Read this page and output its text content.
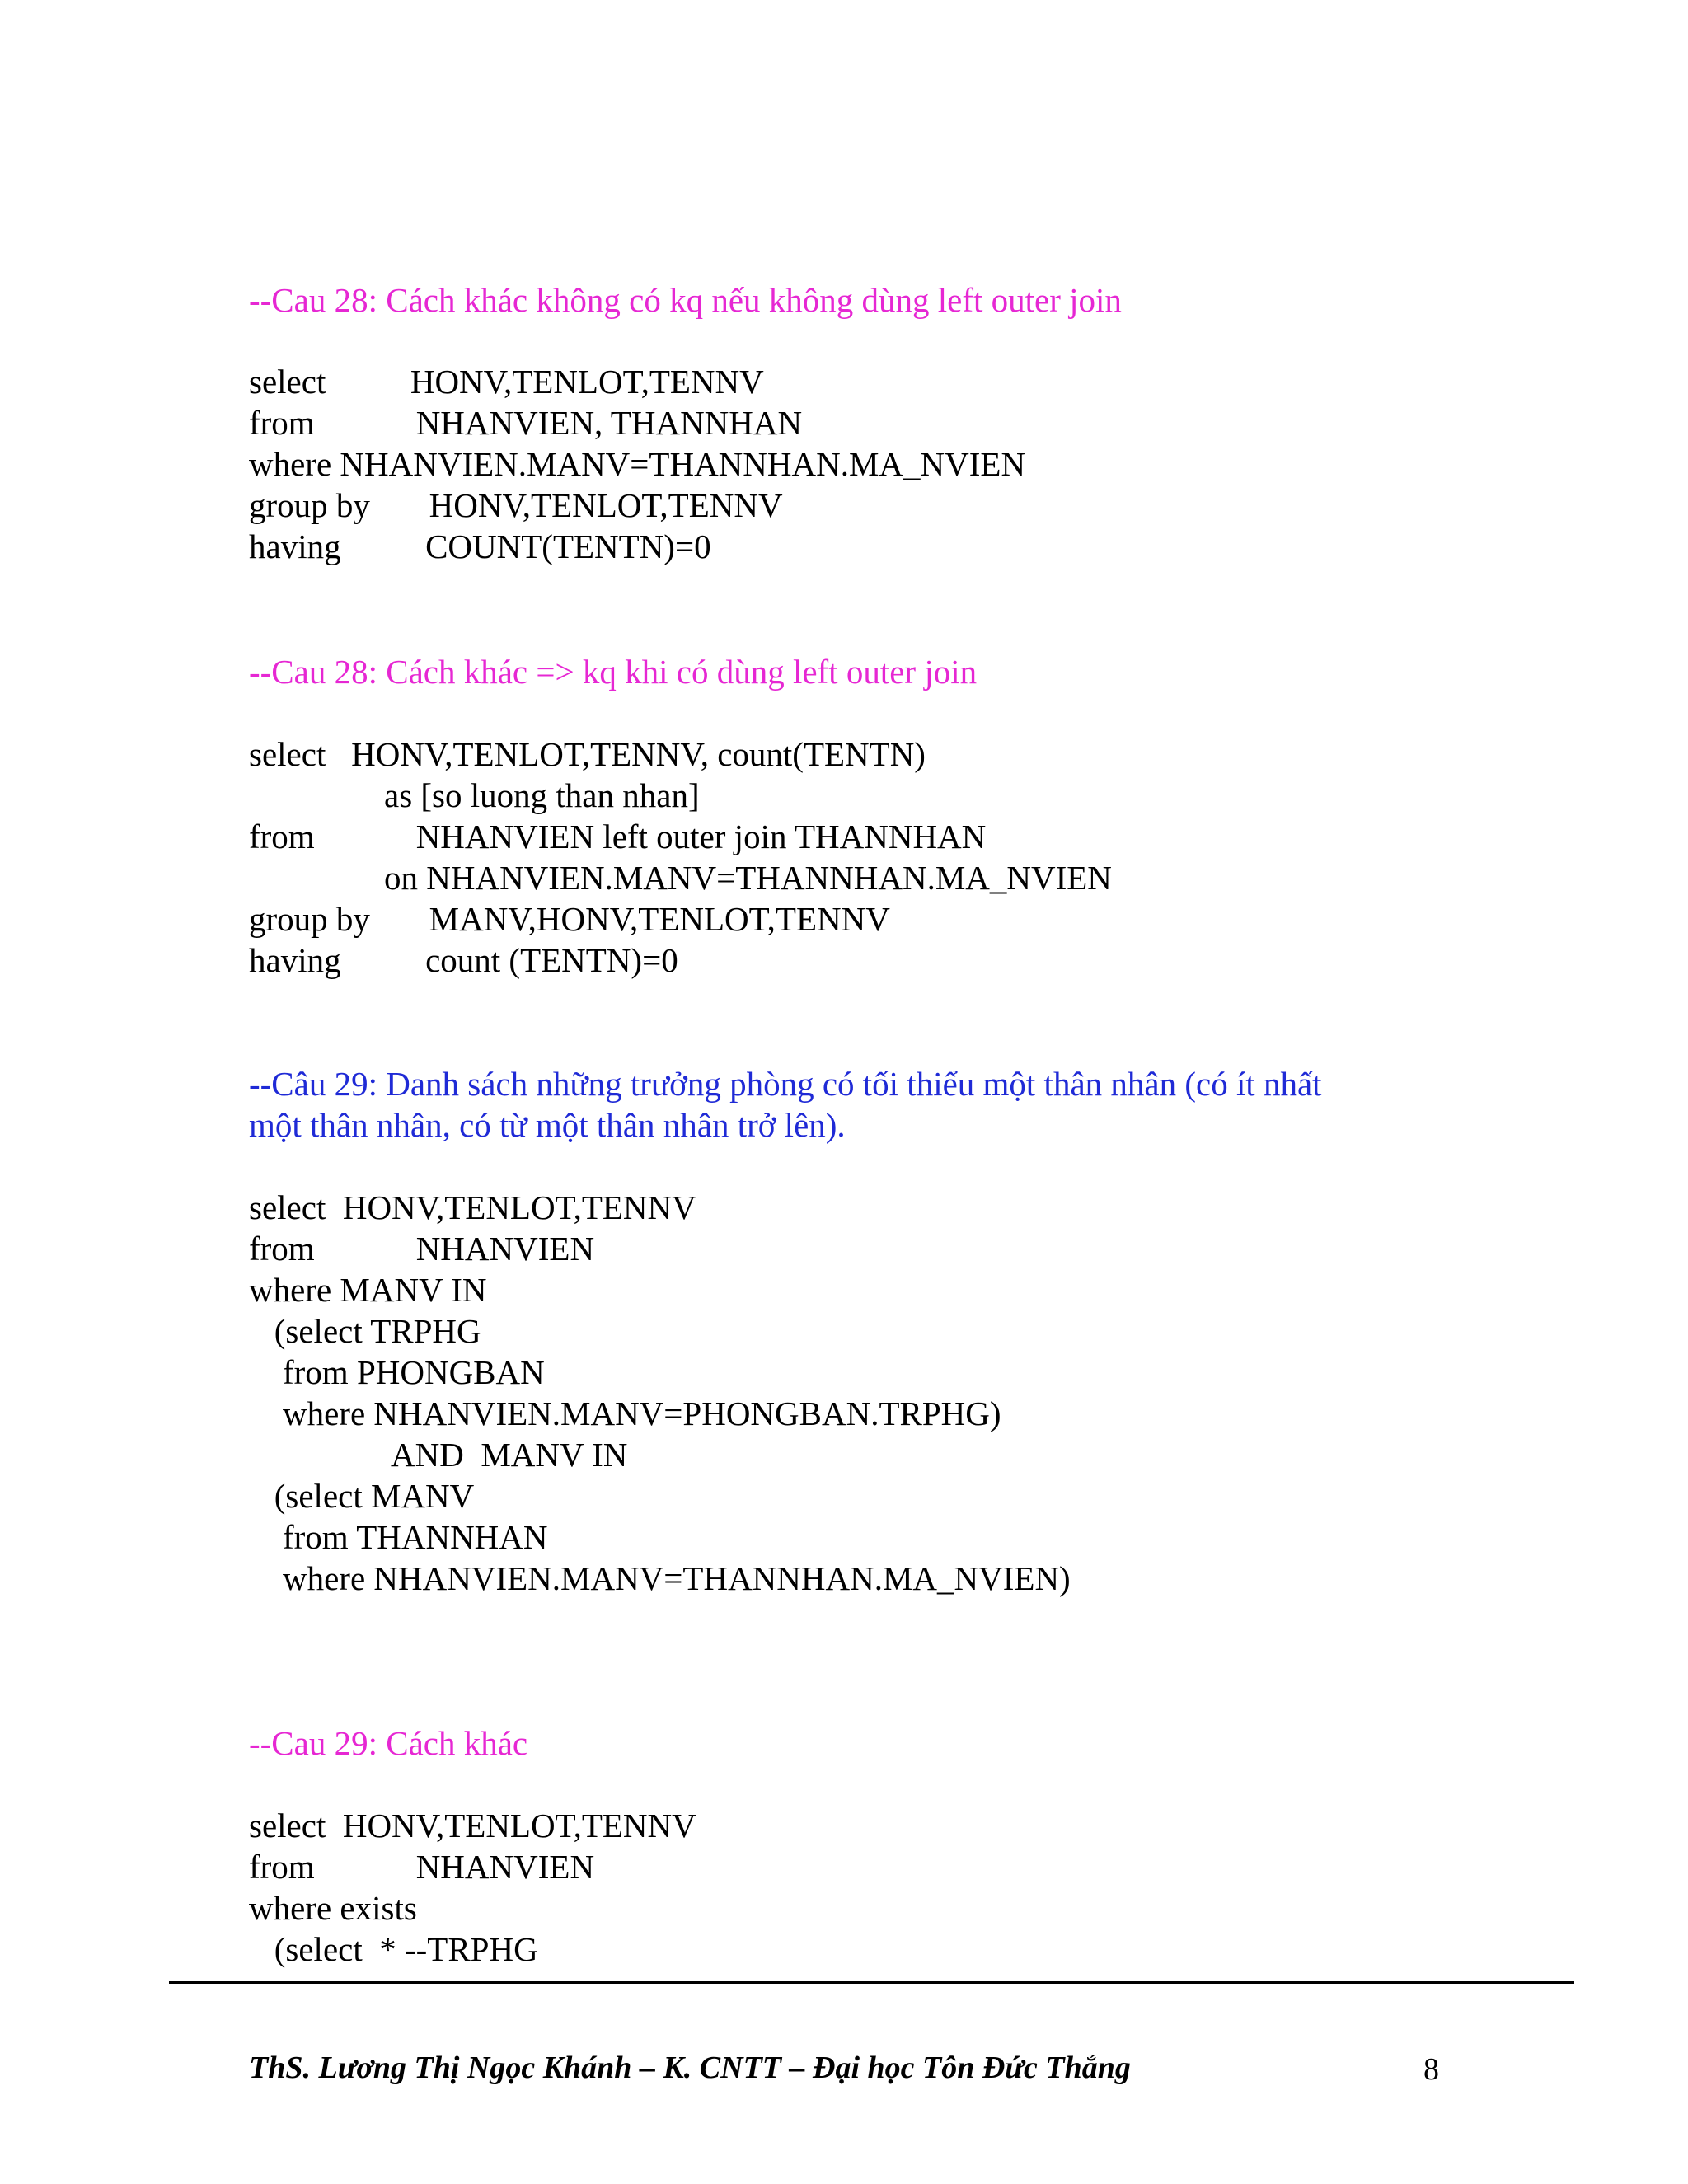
--Cau 28: Cách khác không có kq nếu không dùng left outer join
select          HONV,TENLOT,TENNV
from            NHANVIEN, THANNHAN
where NHANVIEN.MANV=THANNHAN.MA_NVIEN
group by       HONV,TENLOT,TENNV
having          COUNT(TENTN)=0
--Cau 28: Cách khác => kq khi có dùng left outer join
select   HONV,TENLOT,TENNV, count(TENTN)
as [so luong than nhan]
from            NHANVIEN left outer join THANNHAN
on NHANVIEN.MANV=THANNHAN.MA_NVIEN
group by       MANV,HONV,TENLOT,TENNV
having          count (TENTN)=0
--Câu 29: Danh sách những trưởng phòng có tối thiểu một thân nhân (có ít nhất
một thân nhân, có từ một thân nhân trở lên).
select  HONV,TENLOT,TENNV
from            NHANVIEN
where MANV IN
(select TRPHG
from PHONGBAN
where NHANVIEN.MANV=PHONGBAN.TRPHG)
AND  MANV IN
(select MANV
from THANNHAN
where NHANVIEN.MANV=THANNHAN.MA_NVIEN)
--Cau 29: Cách khác
select  HONV,TENLOT,TENNV
from            NHANVIEN
where exists
(select  * --TRPHG
ThS. Lương Thị Ngọc Khánh – K. CNTT – Đại học Tôn Đức Thắng	8
